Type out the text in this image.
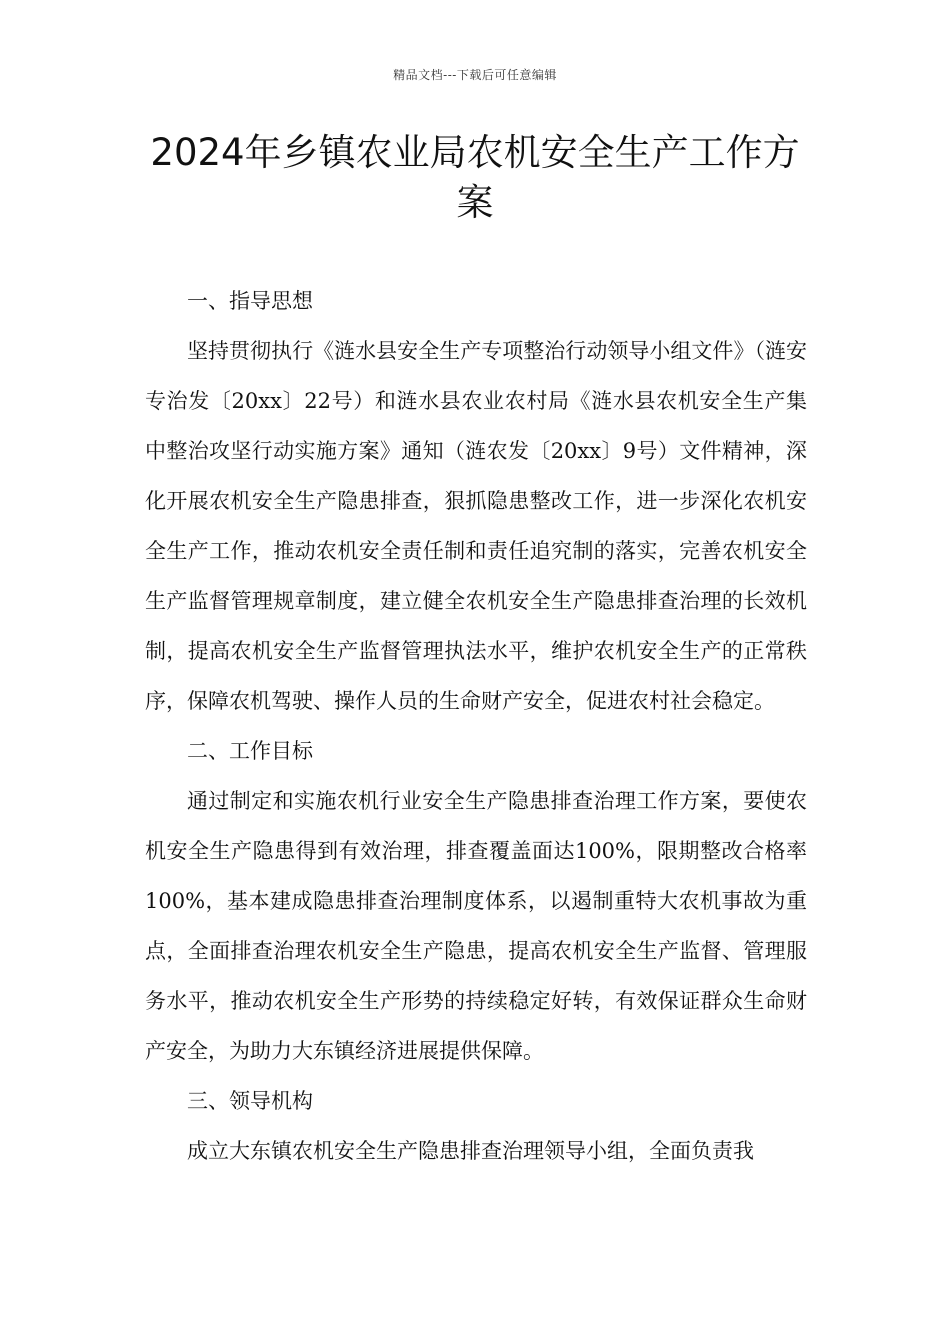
精品文档---下载后可任意编辑
2024年乡镇农业局农机安全生产工作方案

一、指导思想

坚持贯彻执行《涟水县安全生产专项整治行动领导小组文件》（涟安专治发〔20xx〕22号）和涟水县农业农村局《涟水县农机安全生产集中整治攻坚行动实施方案》通知（涟农发〔20xx〕9号）文件精神，深化开展农机安全生产隐患排查，狠抓隐患整改工作，进一步深化农机安全生产工作，推动农机安全责任制和责任追究制的落实，完善农机安全生产监督管理规章制度，建立健全农机安全生产隐患排查治理的长效机制，提高农机安全生产监督管理执法水平，维护农机安全生产的正常秩序，保障农机驾驶、操作人员的生命财产安全，促进农村社会稳定。

二、工作目标

通过制定和实施农机行业安全生产隐患排查治理工作方案，要使农机安全生产隐患得到有效治理，排查覆盖面达100%，限期整改合格率100%，基本建成隐患排查治理制度体系，以遏制重特大农机事故为重点，全面排查治理农机安全生产隐患，提高农机安全生产监督、管理服务水平，推动农机安全生产形势的持续稳定好转，有效保证群众生命财产安全，为助力大东镇经济进展提供保障。

三、领导机构

成立大东镇农机安全生产隐患排查治理领导小组，全面负责我
